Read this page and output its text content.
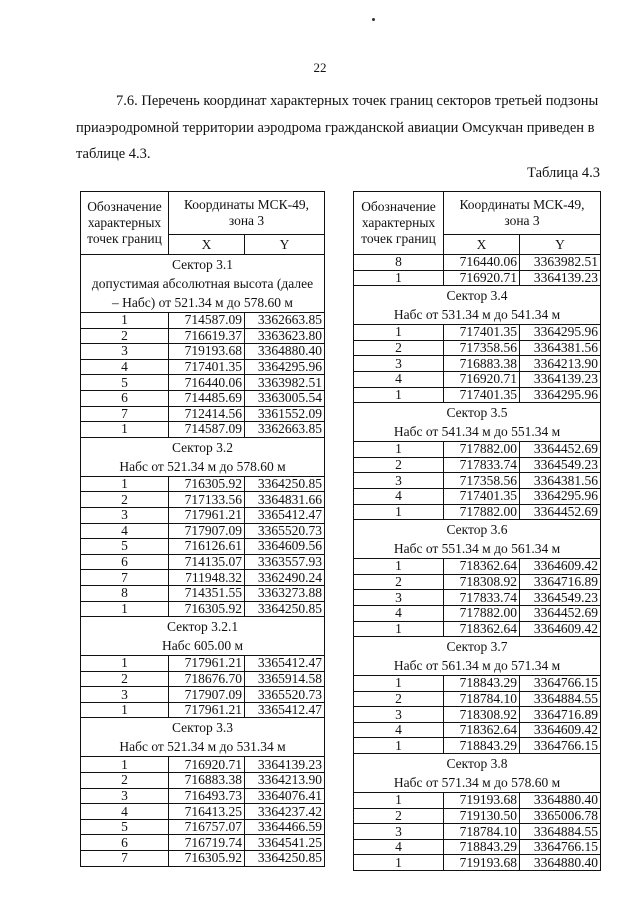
22
7.6. Перечень координат характерных точек границ секторов третьей подзоны
приаэродромной территории аэродрома гражданской авиации Омсукчан приведен в
таблице 4.3.
Таблица 4.3
Обозначение характерных точек границ	Координаты МСК-49, зона 3	
	X	Y

Сектор 3.1
допустимая абсолютная высота (далее
– Набс) от 521.34 м до 578.60 м		

1	714587.09	3362663.85
2	716619.37	3363623.80
3	719193.68	3364880.40
4	717401.35	3364295.96
5	716440.06	3363982.51
6	714485.69	3363005.54
7	712414.56	3361552.09
1	714587.09	3362663.85

Сектор 3.2
Набс от 521.34 м до 578.60 м		

1	716305.92	3364250.85
2	717133.56	3364831.66
3	717961.21	3365412.47
4	717907.09	3365520.73
5	716126.61	3364609.56
6	714135.07	3363557.93
7	711948.32	3362490.24
8	714351.55	3363273.88
1	716305.92	3364250.85

Сектор 3.2.1
Набс 605.00 м		

1	717961.21	3365412.47
2	718676.70	3365914.58
3	717907.09	3365520.73
1	717961.21	3365412.47

Сектор 3.3
Набс от 521.34 м до 531.34 м		

1	716920.71	3364139.23
2	716883.38	3364213.90
3	716493.73	3364076.41
4	716413.25	3364237.42
5	716757.07	3364466.59
6	716719.74	3364541.25
7	716305.92	3364250.85
Обозначение характерных точек границ	Координаты МСК-49, зона 3	
	X	Y
8	716440.06	3363982.51
1	716920.71	3364139.23

Сектор 3.4
Набс от 531.34 м до 541.34 м		

1	717401.35	3364295.96
2	717358.56	3364381.56
3	716883.38	3364213.90
4	716920.71	3364139.23
1	717401.35	3364295.96

Сектор 3.5
Набс от 541.34 м до 551.34 м		

1	717882.00	3364452.69
2	717833.74	3364549.23
3	717358.56	3364381.56
4	717401.35	3364295.96
1	717882.00	3364452.69

Сектор 3.6
Набс от 551.34 м до 561.34 м		

1	718362.64	3364609.42
2	718308.92	3364716.89
3	717833.74	3364549.23
4	717882.00	3364452.69
1	718362.64	3364609.42

Сектор 3.7
Набс от 561.34 м до 571.34 м		

1	718843.29	3364766.15
2	718784.10	3364884.55
3	718308.92	3364716.89
4	718362.64	3364609.42
1	718843.29	3364766.15

Сектор 3.8
Набс от 571.34 м до 578.60 м		

1	719193.68	3364880.40
2	719130.50	3365006.78
3	718784.10	3364884.55
4	718843.29	3364766.15
1	719193.68	3364880.40
